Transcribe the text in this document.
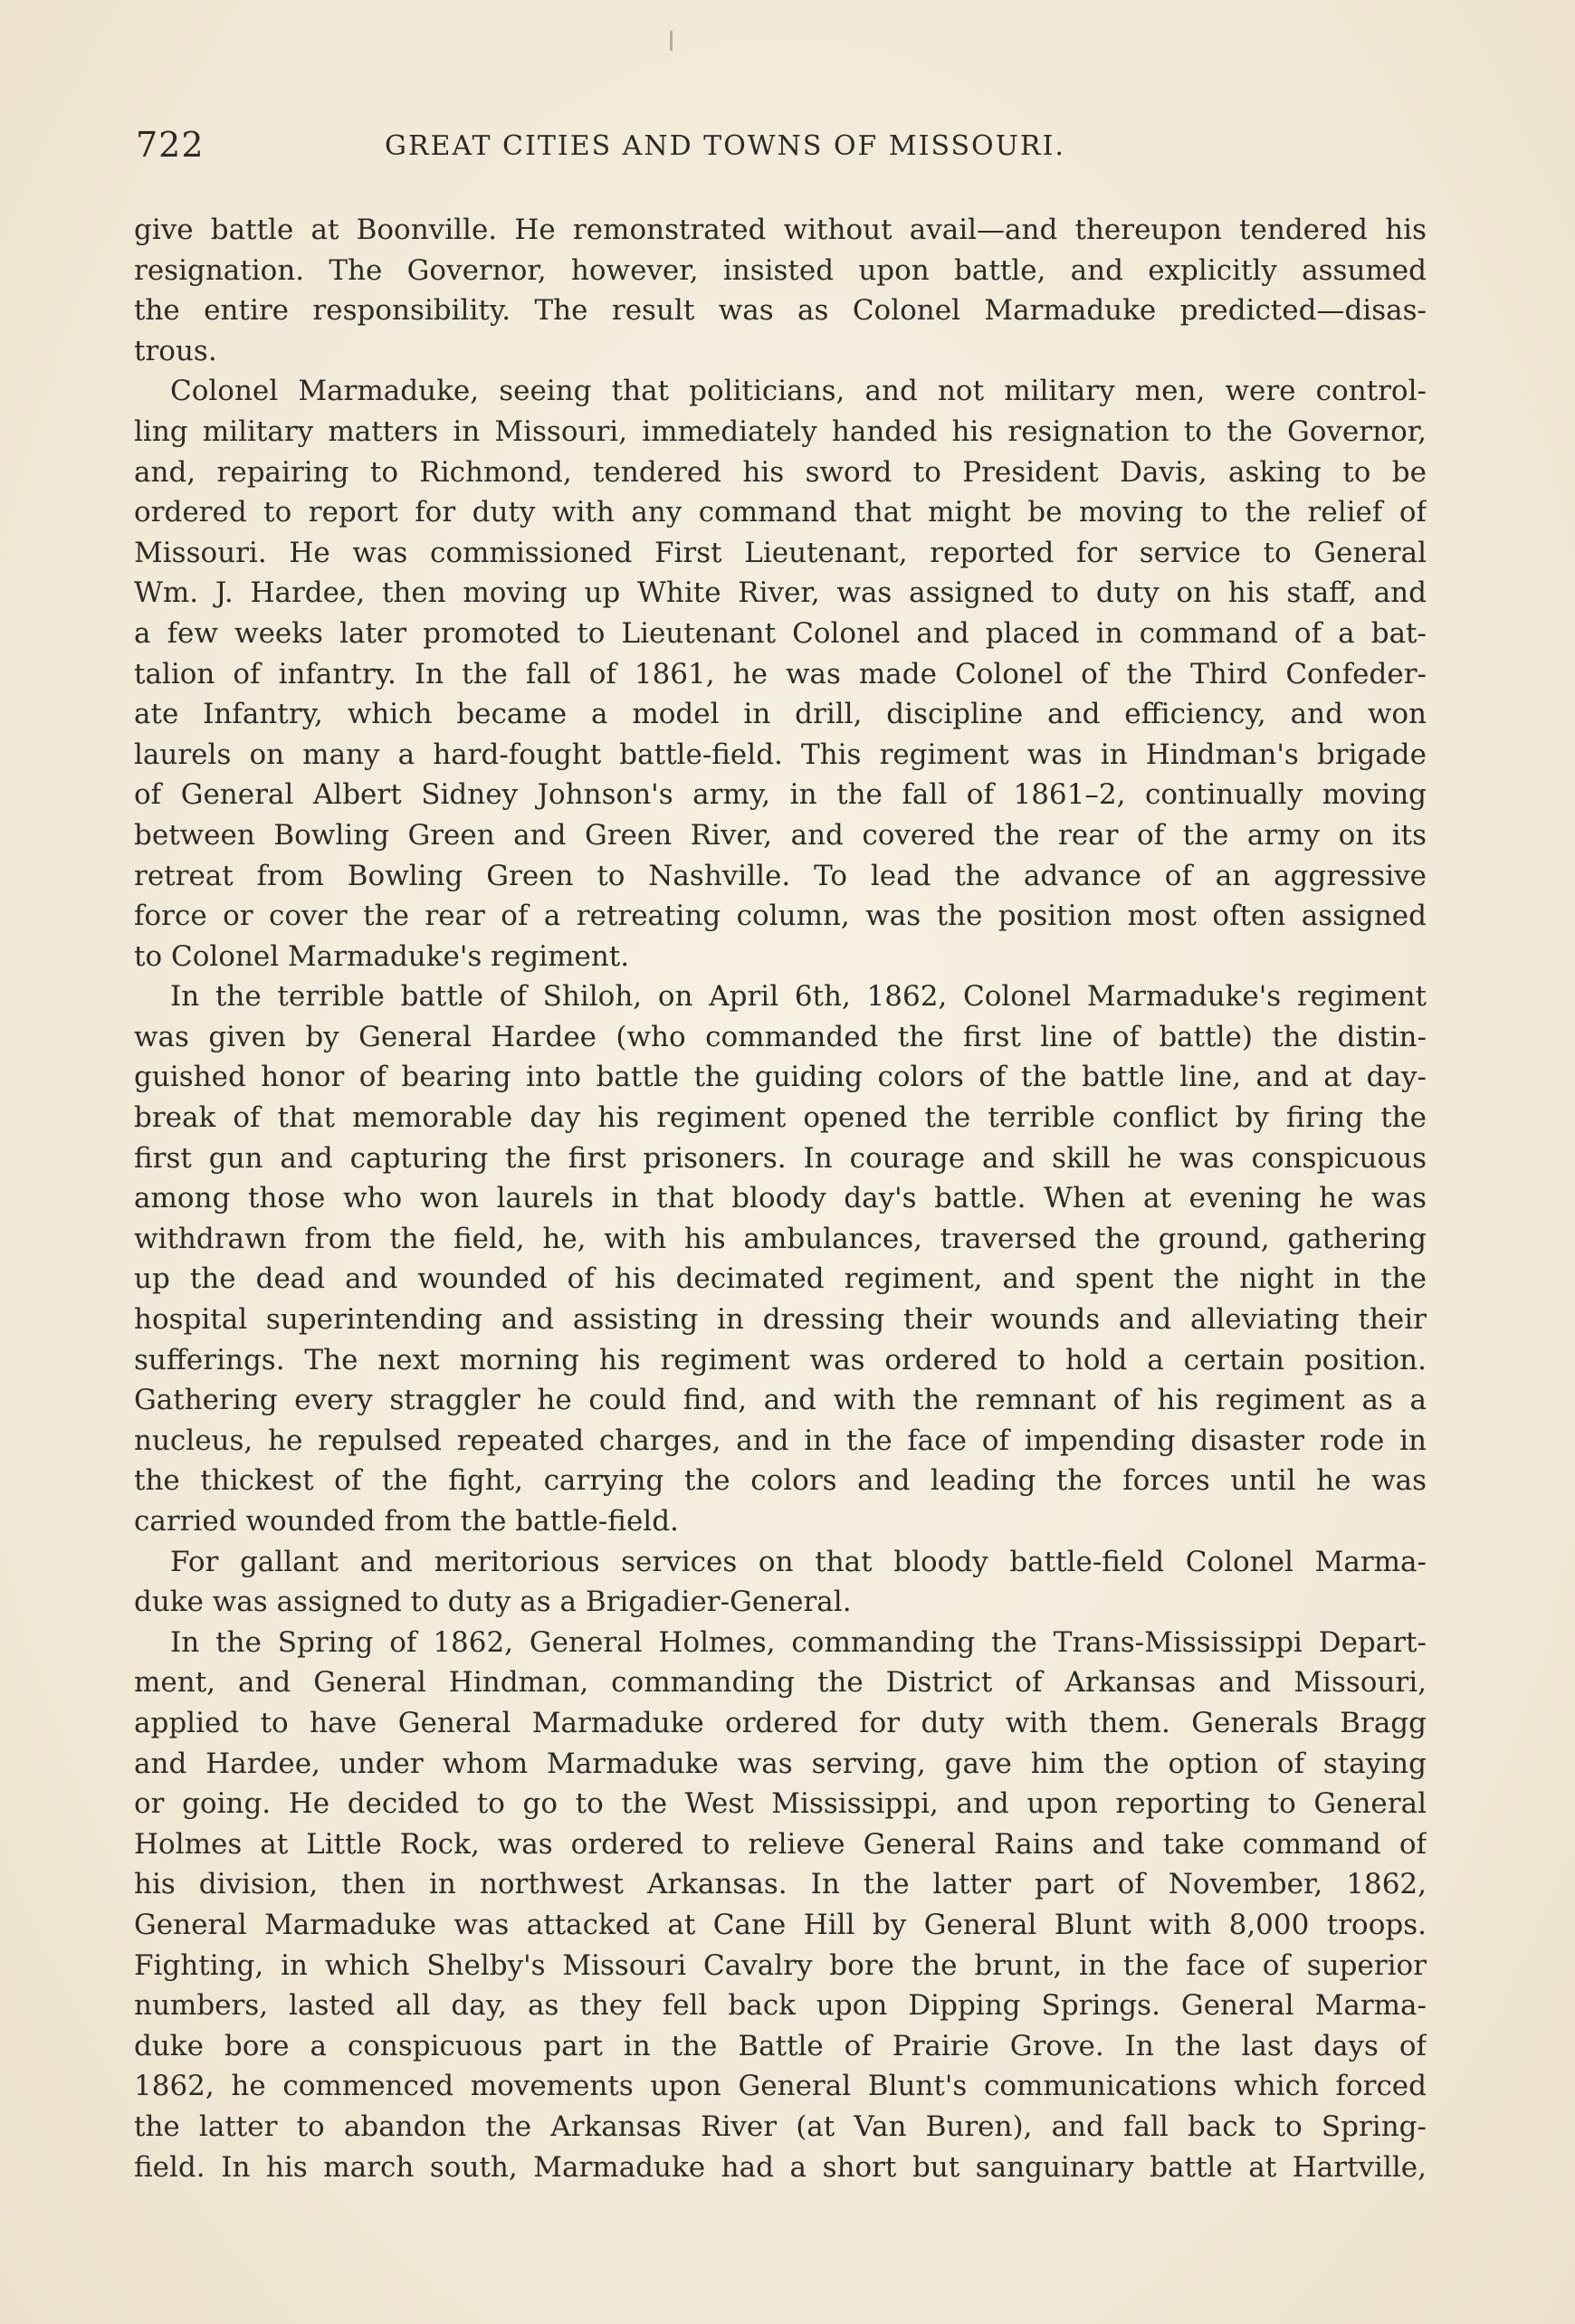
722	GREAT CITIES AND TOWNS OF MISSOURI.
give battle at Boonville. He remonstrated without avail—and thereupon tendered his
resignation. The Governor, however, insisted upon battle, and explicitly assumed
the entire responsibility. The result was as Colonel Marmaduke predicted—disas-
trous.
Colonel Marmaduke, seeing that politicians, and not military men, were control-
ling military matters in Missouri, immediately handed his resignation to the Governor,
and, repairing to Richmond, tendered his sword to President Davis, asking to be
ordered to report for duty with any command that might be moving to the relief of
Missouri. He was commissioned First Lieutenant, reported for service to General
Wm. J. Hardee, then moving up White River, was assigned to duty on his staff, and
a few weeks later promoted to Lieutenant Colonel and placed in command of a bat-
talion of infantry. In the fall of 1861, he was made Colonel of the Third Confeder-
ate Infantry, which became a model in drill, discipline and efficiency, and won
laurels on many a hard-fought battle-field. This regiment was in Hindman's brigade
of General Albert Sidney Johnson's army, in the fall of 1861–2, continually moving
between Bowling Green and Green River, and covered the rear of the army on its
retreat from Bowling Green to Nashville. To lead the advance of an aggressive
force or cover the rear of a retreating column, was the position most often assigned
to Colonel Marmaduke's regiment.
In the terrible battle of Shiloh, on April 6th, 1862, Colonel Marmaduke's regiment
was given by General Hardee (who commanded the first line of battle) the distin-
guished honor of bearing into battle the guiding colors of the battle line, and at day-
break of that memorable day his regiment opened the terrible conflict by firing the
first gun and capturing the first prisoners. In courage and skill he was conspicuous
among those who won laurels in that bloody day's battle. When at evening he was
withdrawn from the field, he, with his ambulances, traversed the ground, gathering
up the dead and wounded of his decimated regiment, and spent the night in the
hospital superintending and assisting in dressing their wounds and alleviating their
sufferings. The next morning his regiment was ordered to hold a certain position.
Gathering every straggler he could find, and with the remnant of his regiment as a
nucleus, he repulsed repeated charges, and in the face of impending disaster rode in
the thickest of the fight, carrying the colors and leading the forces until he was
carried wounded from the battle-field.
For gallant and meritorious services on that bloody battle-field Colonel Marma-
duke was assigned to duty as a Brigadier-General.
In the Spring of 1862, General Holmes, commanding the Trans-Mississippi Depart-
ment, and General Hindman, commanding the District of Arkansas and Missouri,
applied to have General Marmaduke ordered for duty with them. Generals Bragg
and Hardee, under whom Marmaduke was serving, gave him the option of staying
or going. He decided to go to the West Mississippi, and upon reporting to General
Holmes at Little Rock, was ordered to relieve General Rains and take command of
his division, then in northwest Arkansas. In the latter part of November, 1862,
General Marmaduke was attacked at Cane Hill by General Blunt with 8,000 troops.
Fighting, in which Shelby's Missouri Cavalry bore the brunt, in the face of superior
numbers, lasted all day, as they fell back upon Dipping Springs. General Marma-
duke bore a conspicuous part in the Battle of Prairie Grove. In the last days of
1862, he commenced movements upon General Blunt's communications which forced
the latter to abandon the Arkansas River (at Van Buren), and fall back to Spring-
field. In his march south, Marmaduke had a short but sanguinary battle at Hartville,
